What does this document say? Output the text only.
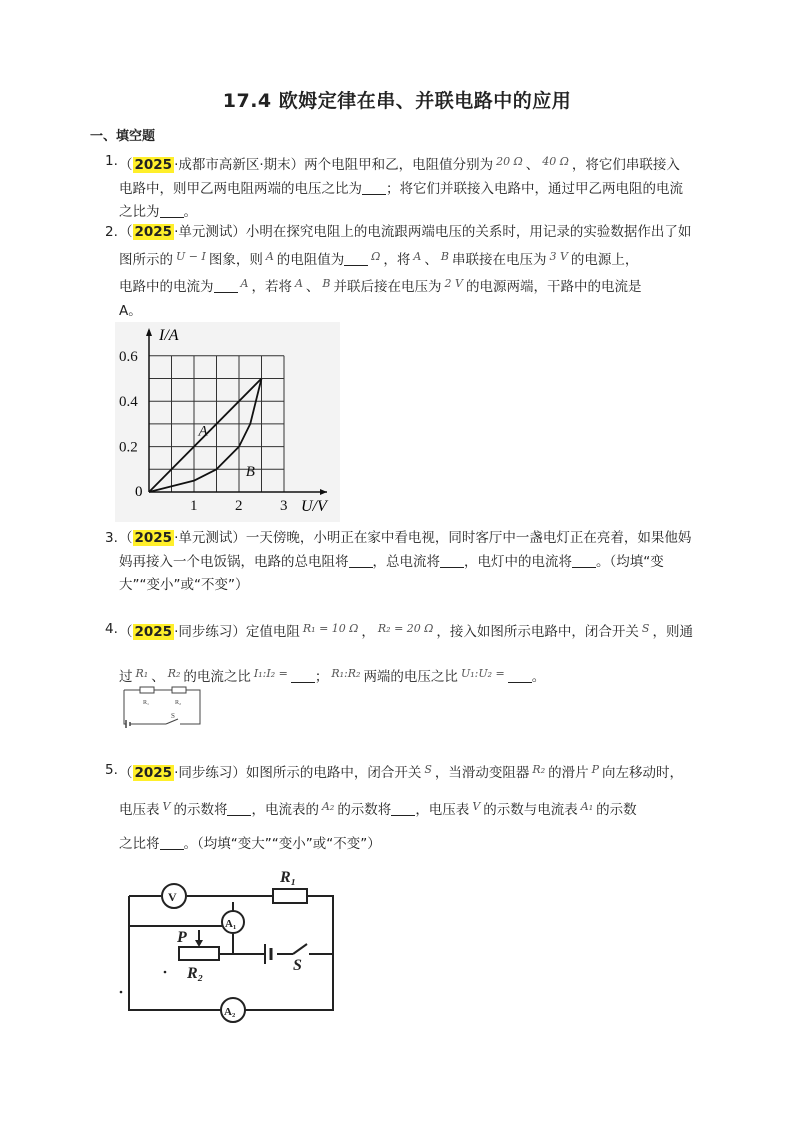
17.4 欧姆定律在串、并联电路中的应用
一、填空题
1. （ 2025 ·成都市高新区·期末）两个电阻甲和乙，电阻值分别为 $^{20 \Omega}$ 、 $^{40 \Omega}$ ，将它们串联接入
电路中，则甲乙两电阻两端的电压之比为 ；将它们并联接入电路中，通过甲乙两电阻的电流
之比为 。
2. （ 2025 ·单元测试）小明在探究电阻上的电流跟两端电压的关系时，用记录的实验数据作出了如
图所示的 $^{U - I}$ 图象，则 $^A$ 的电阻值为 $^\Omega$ ，将 $^A$ 、 $^B$ 串联接在电压为 $^{3 V}$ 的电源上，
电路中的电流为 $^A$ ，若将 $^A$ 、 $^B$ 并联后接在电压为 $^{2 V}$ 的电源两端，干路中的电流是
A。
1	2	3
0.2
0.4
0.6
A
B
U/V
I/A
0
3. （ 2025 ·单元测试）一天傍晚，小明正在家中看电视，同时客厅中一盏电灯正在亮着，如果他妈
妈再接入一个电饭锅，电路的总电阻将 ，总电流将 ，电灯中的电流将 。（均填“变
大”“变小”或“不变”）
4. （ 2025 ·同步练习）定值电阻 $^{R_1 = 10 \Omega}$ ， $^{R_2 = 20 \Omega}$ ，接入如图所示电路中，闭合开关 $^S$ ，则通
过 $^{R_1}$ 、 $^{R_2}$ 的电流之比 $^{I_1:I_2 =}$ ； $^{R_1:R_2}$ 两端的电压之比 $^{U_1:U_2 =}$ 。
R₁	R₂
S
5. （ 2025 ·同步练习）如图所示的电路中，闭合开关 $^S$ ，当滑动变阻器 $^{R_2}$ 的滑片 $^P$ 向左移动时，
电压表 $^V$ 的示数将 ，电流表的 $^{A_2}$ 的示数将 ，电压表 $^V$ 的示数与电流表 $^{A_1}$ 的示数
之比将 。（均填“变大”“变小”或“不变”）
V
A₁
A₂
R₁
R₂
P
S
